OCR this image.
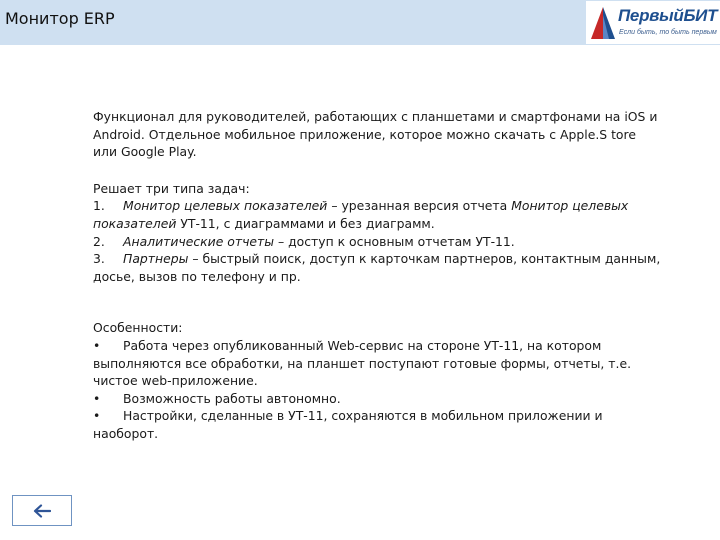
Монитор ERP	ПервыйБИТ
Если быть, то быть первым
Функционал для руководителей, работающих с планшетами и смартфонами на iOS и Android. Отдельное мобильное приложение, которое можно скачать с Apple.S tore или Google Play.
Решает три типа задач:
1. Монитор целевых показателей – урезанная версия отчета Монитор целевых показателей УТ-11, с диаграммами и без диаграмм.
2. Аналитические отчеты – доступ к основным отчетам УТ-11.
3. Партнеры – быстрый поиск, доступ к карточкам партнеров, контактным данным, досье, вызов по телефону и пр.
Особенности:
• Работа через опубликованный Web-сервис на стороне УТ-11, на котором выполняются все обработки, на планшет поступают готовые формы, отчеты, т.е. чистое web-приложение.
• Возможность работы автономно.
• Настройки, сделанные в УТ-11, сохраняются в мобильном приложении и наоборот.
